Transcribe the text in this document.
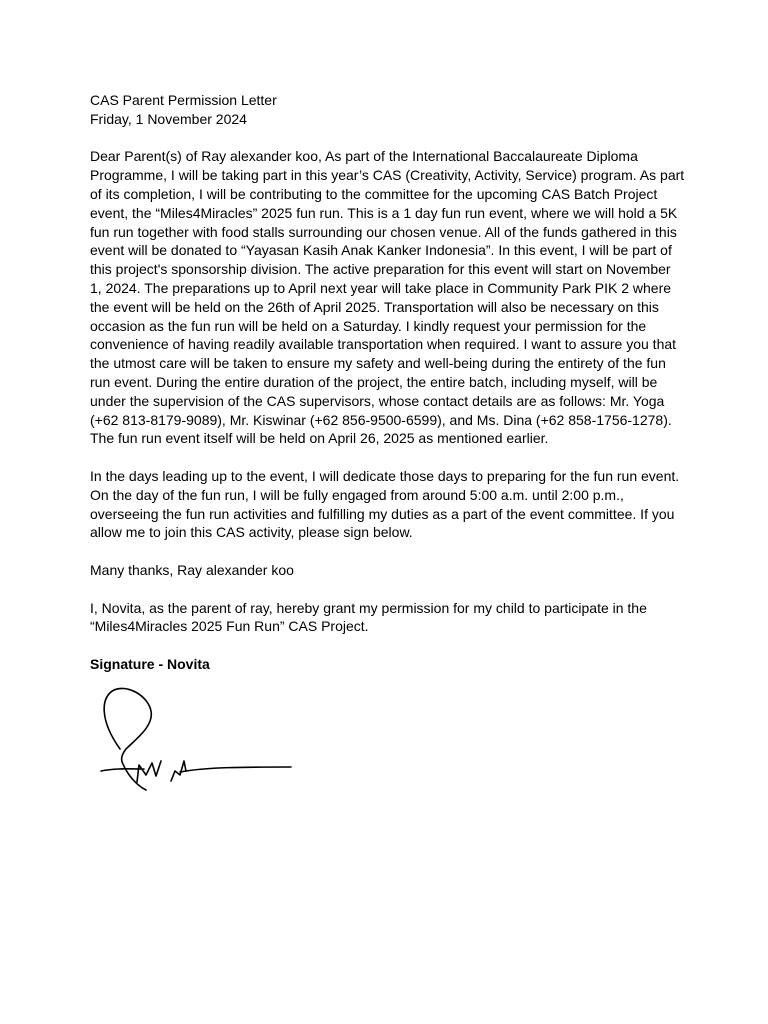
CAS Parent Permission Letter
Friday, 1 November 2024
Dear Parent(s) of Ray alexander koo, As part of the International Baccalaureate Diploma
Programme, I will be taking part in this year’s CAS (Creativity, Activity, Service) program. As part
of its completion, I will be contributing to the committee for the upcoming CAS Batch Project
event, the “Miles4Miracles” 2025 fun run. This is a 1 day fun run event, where we will hold a 5K
fun run together with food stalls surrounding our chosen venue. All of the funds gathered in this
event will be donated to “Yayasan Kasih Anak Kanker Indonesia”. In this event, I will be part of
this project's sponsorship division. The active preparation for this event will start on November
1, 2024. The preparations up to April next year will take place in Community Park PIK 2 where
the event will be held on the 26th of April 2025. Transportation will also be necessary on this
occasion as the fun run will be held on a Saturday. I kindly request your permission for the
convenience of having readily available transportation when required. I want to assure you that
the utmost care will be taken to ensure my safety and well-being during the entirety of the fun
run event. During the entire duration of the project, the entire batch, including myself, will be
under the supervision of the CAS supervisors, whose contact details are as follows: Mr. Yoga
(+62 813-8179-9089), Mr. Kiswinar (+62 856-9500-6599), and Ms. Dina (+62 858-1756-1278).
The fun run event itself will be held on April 26, 2025 as mentioned earlier.
In the days leading up to the event, I will dedicate those days to preparing for the fun run event.
On the day of the fun run, I will be fully engaged from around 5:00 a.m. until 2:00 p.m.,
overseeing the fun run activities and fulfilling my duties as a part of the event committee. If you
allow me to join this CAS activity, please sign below.
Many thanks, Ray alexander koo
I, Novita, as the parent of ray, hereby grant my permission for my child to participate in the
“Miles4Miracles 2025 Fun Run” CAS Project.
Signature - Novita
